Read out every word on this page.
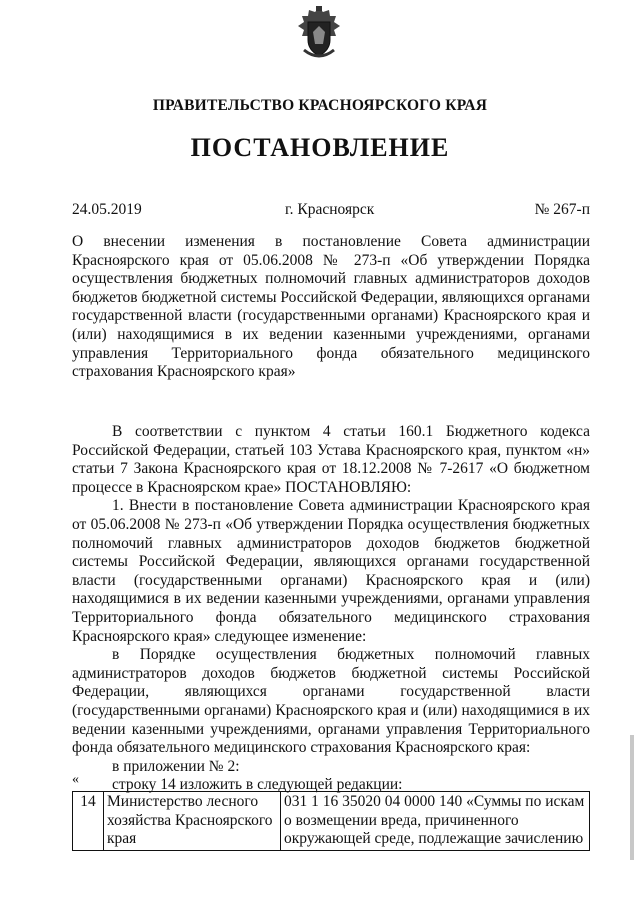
ПРАВИТЕЛЬСТВО КРАСНОЯРСКОГО КРАЯ
ПОСТАНОВЛЕНИЕ
24.05.2019	г. Красноярск	№ 267-п

О внесении изменения в постановление Совета администрации Красноярского края от 05.06.2008 № 273-п «Об утверждении Порядка осуществления бюджетных полномочий главных администраторов доходов бюджетов бюджетной системы Российской Федерации, являющихся органами государственной власти (государственными органами) Красноярского края и (или) находящимися в их ведении казенными учреждениями, органами управления Территориального фонда обязательного медицинского страхования Красноярского края»

В соответствии с пунктом 4 статьи 160.1 Бюджетного кодекса Российской Федерации, статьей 103 Устава Красноярского края, пунктом «н» статьи 7 Закона Красноярского края от 18.12.2008 № 7-2617 «О бюджетном процессе в Красноярском крае» ПОСТАНОВЛЯЮ:

1. Внести в постановление Совета администрации Красноярского края от 05.06.2008 № 273-п «Об утверждении Порядка осуществления бюджетных полномочий главных администраторов доходов бюджетов бюджетной системы Российской Федерации, являющихся органами государственной власти (государственными органами) Красноярского края и (или) находящимися в их ведении казенными учреждениями, органами управления Территориального фонда обязательного медицинского страхования Красноярского края» следующее изменение:

в Порядке осуществления бюджетных полномочий главных администраторов доходов бюджетов бюджетной системы Российской Федерации, являющихся органами государственной власти (государственными органами) Красноярского края и (или) находящимися в их ведении казенными учреждениями, органами управления Территориального фонда обязательного медицинского страхования Красноярского края:

в приложении № 2:

строку 14 изложить в следующей редакции:

«
14	Министерство лесного хозяйства Красноярского края	031 1 16 35020 04 0000 140 «Суммы по искам о возмещении вреда, причиненного окружающей среде, подлежащие зачислению
